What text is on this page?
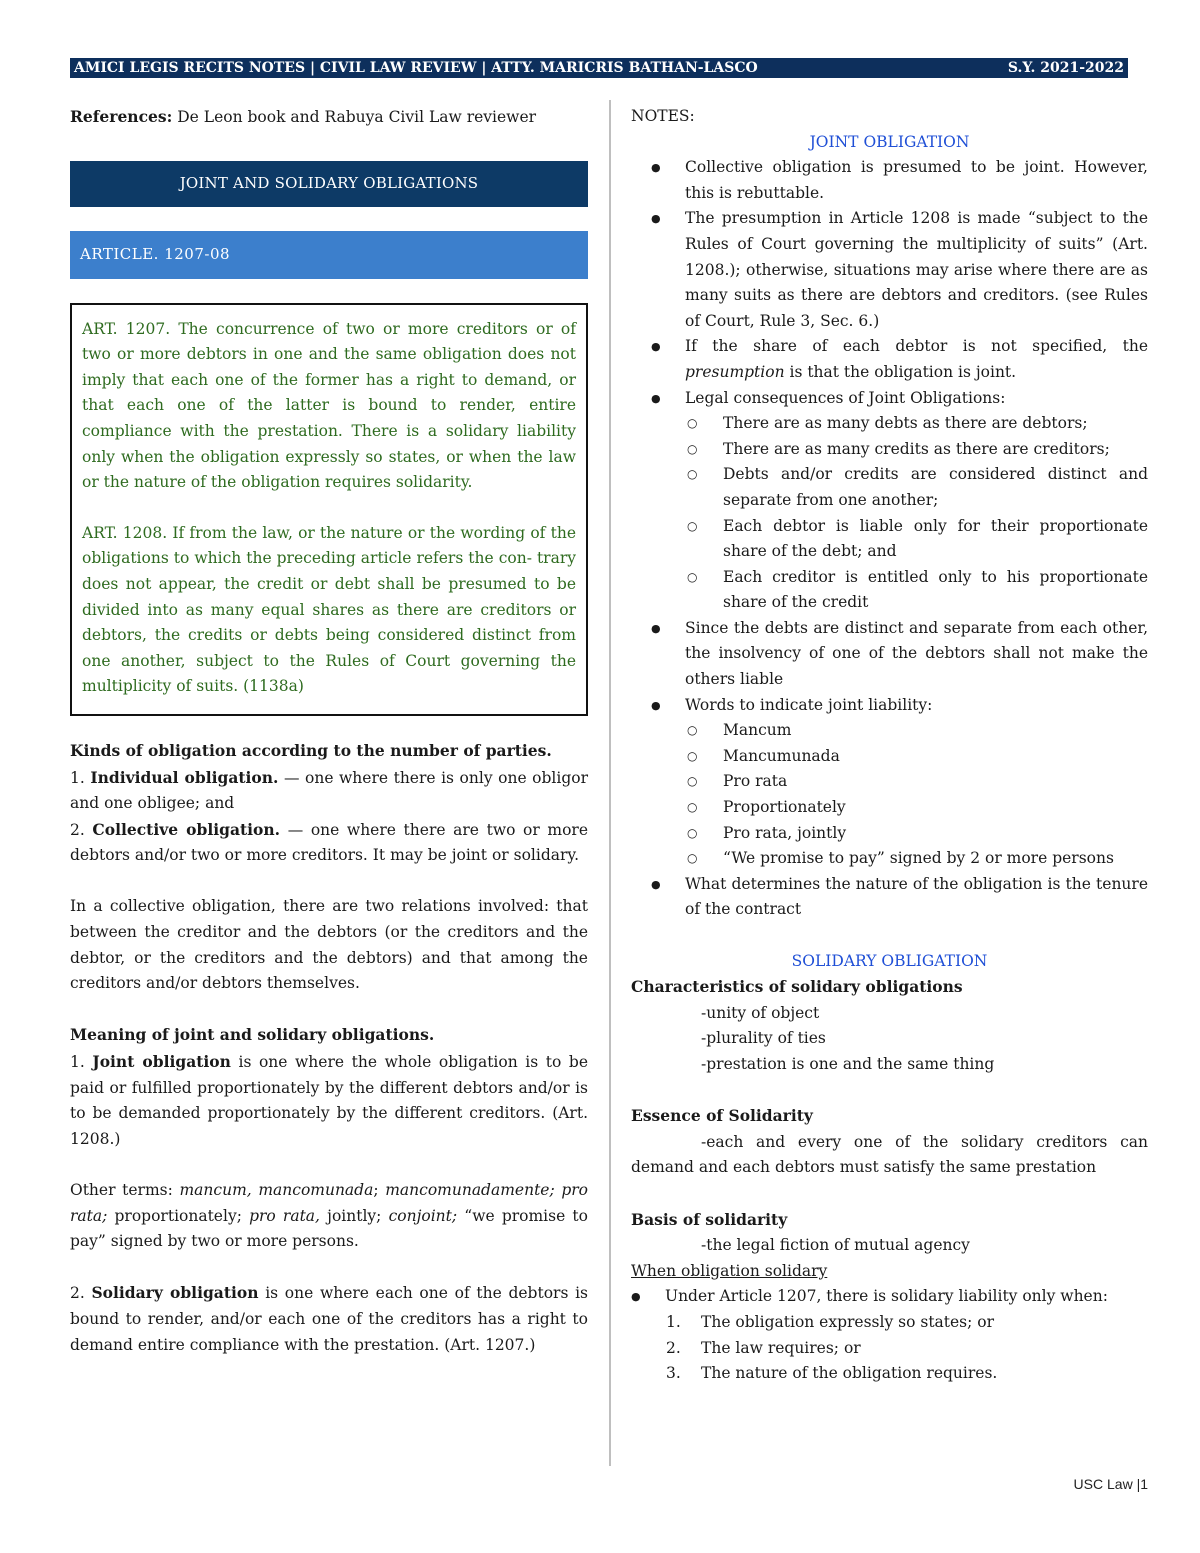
AMICI LEGIS RECITS NOTES | CIVIL LAW REVIEW | ATTY. MARICRIS BATHAN-LASCO	S.Y. 2021-2022

References: De Leon book and Rabuya Civil Law reviewer

JOINT AND SOLIDARY OBLIGATIONS
ARTICLE. 1207-08

ART. 1207. The concurrence of two or more creditors or of two or more debtors in one and the same obligation does not imply that each one of the former has a right to demand, or that each one of the latter is bound to render, entire compliance with the prestation. There is a solidary liability only when the obligation expressly so states, or when the law or the nature of the obligation requires solidarity.

ART. 1208. If from the law, or the nature or the wording of the obligations to which the preceding article refers the con- trary does not appear, the credit or debt shall be presumed to be divided into as many equal shares as there are creditors or debtors, the credits or debts being considered distinct from one another, subject to the Rules of Court governing the multiplicity of suits. (1138a)

Kinds of obligation according to the number of parties.

1. Individual obligation. — one where there is only one obligor and one obligee; and

2. Collective obligation. — one where there are two or more debtors and/or two or more creditors. It may be joint or solidary.

In a collective obligation, there are two relations involved: that between the creditor and the debtors (or the creditors and the debtor, or the creditors and the debtors) and that among the creditors and/or debtors themselves.

Meaning of joint and solidary obligations.

1. Joint obligation is one where the whole obligation is to be paid or fulfilled proportionately by the different debtors and/or is to be demanded proportionately by the different creditors. (Art. 1208.)

Other terms: mancum, mancomunada; mancomunadamente; pro rata; proportionately; pro rata, jointly; conjoint; “we promise to pay” signed by two or more persons.

2. Solidary obligation is one where each one of the debtors is bound to render, and/or each one of the creditors has a right to demand entire compliance with the prestation. (Art. 1207.)

NOTES:

JOINT OBLIGATION

● Collective obligation is presumed to be joint. However, this is rebuttable.
● The presumption in Article 1208 is made “subject to the Rules of Court governing the multiplicity of suits” (Art. 1208.); otherwise, situations may arise where there are as many suits as there are debtors and creditors. (see Rules of Court, Rule 3, Sec. 6.)
● If the share of each debtor is not specified, the presumption is that the obligation is joint.
● Legal consequences of Joint Obligations:
○ There are as many debts as there are debtors;
○ There are as many credits as there are creditors;
○ Debts and/or credits are considered distinct and separate from one another;
○ Each debtor is liable only for their proportionate share of the debt; and
○ Each creditor is entitled only to his proportionate share of the credit
● Since the debts are distinct and separate from each other, the insolvency of one of the debtors shall not make the others liable
● Words to indicate joint liability:
○ Mancum
○ Mancumunada
○ Pro rata
○ Proportionately
○ Pro rata, jointly
○ “We promise to pay” signed by 2 or more persons
● What determines the nature of the obligation is the tenure of the contract

SOLIDARY OBLIGATION

Characteristics of solidary obligations

-unity of object

-plurality of ties

-prestation is one and the same thing

Essence of Solidarity

-each and every one of the solidary creditors can demand and each debtors must satisfy the same prestation

Basis of solidarity

-the legal fiction of mutual agency

When obligation solidary

● Under Article 1207, there is solidary liability only when:
1. The obligation expressly so states; or
2. The law requires; or
3. The nature of the obligation requires.
USC Law |1
